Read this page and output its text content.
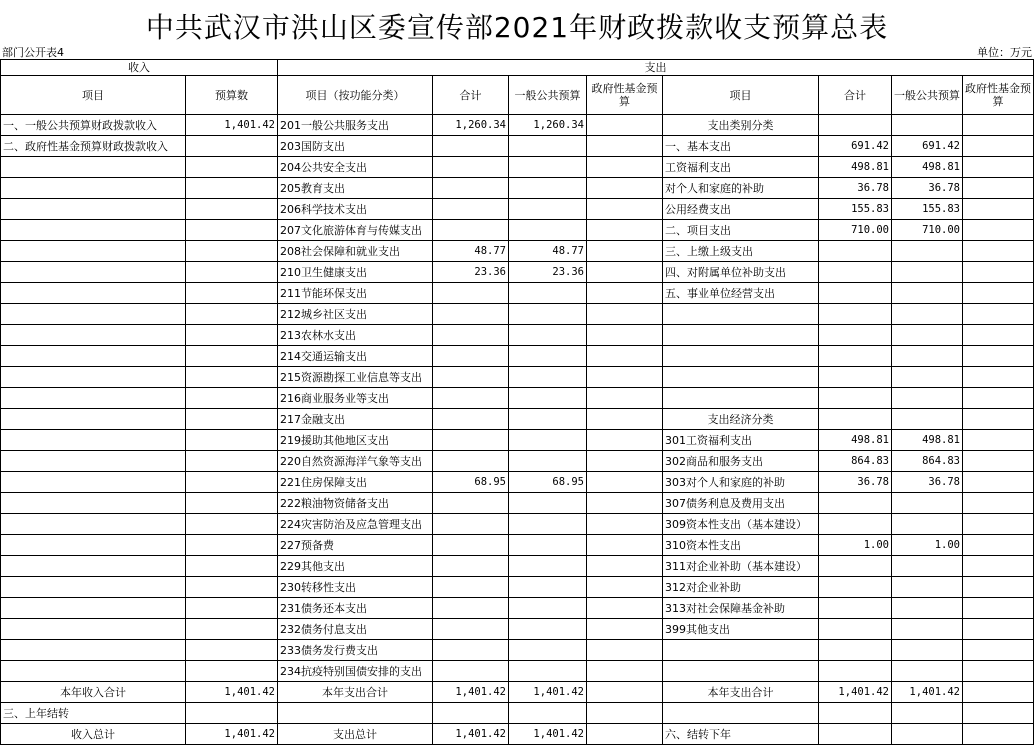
中共武汉市洪山区委宣传部2021年财政拨款收支预算总表
部门公开表4	单位：万元
收入		支出							
项目	预算数	项目（按功能分类）	合计	一般公共预算	政府性基金预算	项目	合计	一般公共预算	政府性基金预算
一、一般公共预算财政拨款收入	1,401.42	201一般公共服务支出	1,260.34	1,260.34		支出类别分类			
二、政府性基金预算财政拨款收入		203国防支出				一、基本支出	691.42	691.42	
		204公共安全支出				工资福利支出	498.81	498.81	
		205教育支出				对个人和家庭的补助	36.78	36.78	
		206科学技术支出				公用经费支出	155.83	155.83	
		207文化旅游体育与传媒支出				二、项目支出	710.00	710.00	
		208社会保障和就业支出	48.77	48.77		三、上缴上级支出			
		210卫生健康支出	23.36	23.36		四、对附属单位补助支出			
		211节能环保支出				五、事业单位经营支出			
		212城乡社区支出							
		213农林水支出							
		214交通运输支出							
		215资源勘探工业信息等支出							
		216商业服务业等支出							
		217金融支出				支出经济分类			
		219援助其他地区支出				301工资福利支出	498.81	498.81	
		220自然资源海洋气象等支出				302商品和服务支出	864.83	864.83	
		221住房保障支出	68.95	68.95		303对个人和家庭的补助	36.78	36.78	
		222粮油物资储备支出				307债务利息及费用支出			
		224灾害防治及应急管理支出				309资本性支出（基本建设）			
		227预备费				310资本性支出	1.00	1.00	
		229其他支出				311对企业补助（基本建设）			
		230转移性支出				312对企业补助			
		231债务还本支出				313对社会保障基金补助			
		232债务付息支出				399其他支出			
		233债务发行费支出							
		234抗疫特别国债安排的支出							
本年收入合计	1,401.42	本年支出合计	1,401.42	1,401.42		本年支出合计	1,401.42	1,401.42	
三、上年结转									
收入总计	1,401.42	支出总计	1,401.42	1,401.42		六、结转下年			
